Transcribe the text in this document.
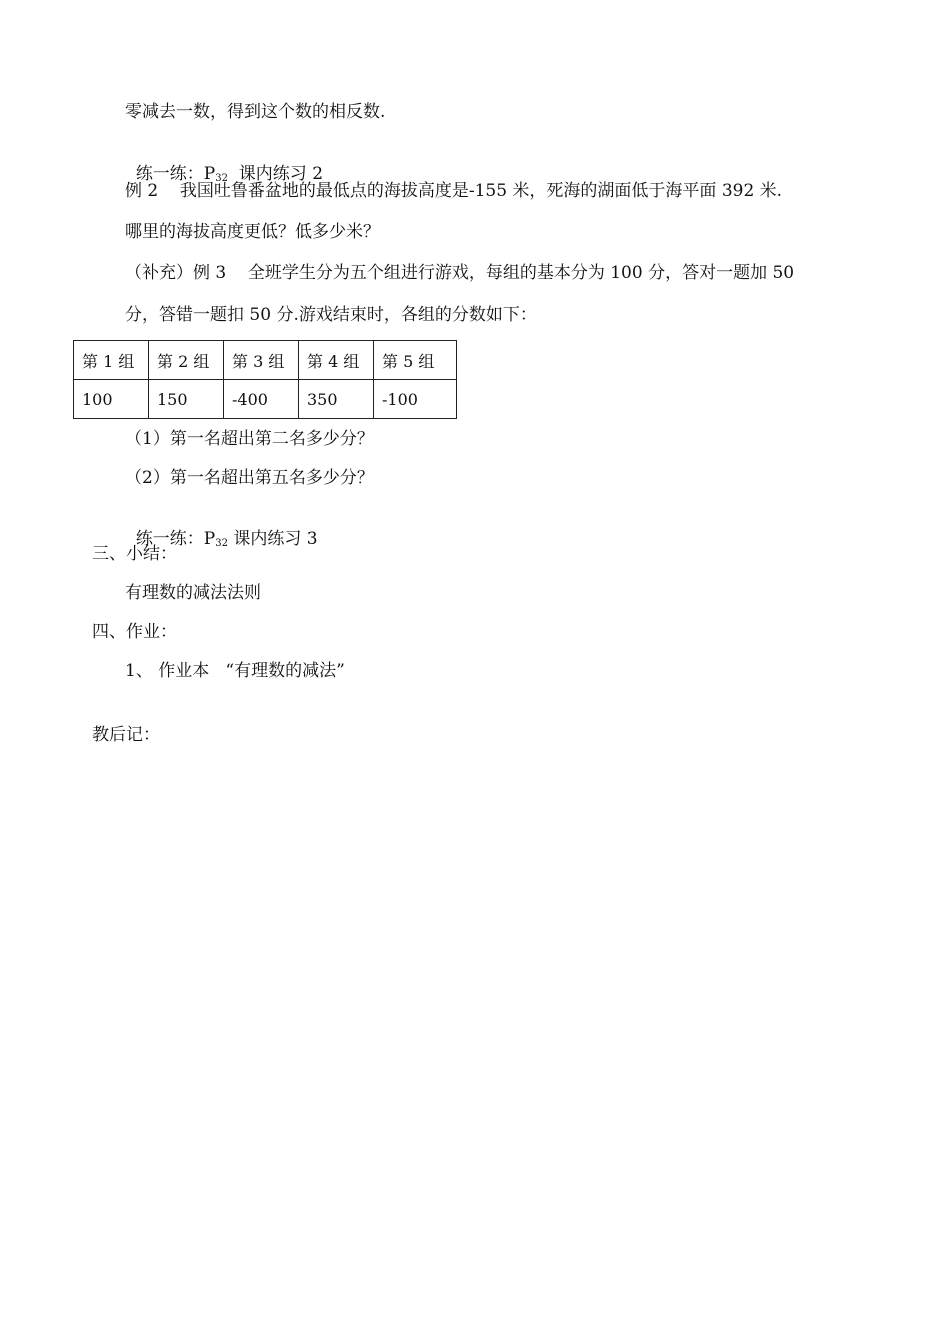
零减去一数，得到这个数的相反数.

练一练：$P_{32}$  课内练习 2

例 2    我国吐鲁番盆地的最低点的海拔高度是-155 米，死海的湖面低于海平面 392 米.
哪里的海拔高度更低？低多少米？
（补充）例 3    全班学生分为五个组进行游戏，每组的基本分为 100 分，答对一题加 50
分，答错一题扣 50 分.游戏结束时，各组的分数如下：
第 1 组	第 2 组	第 3 组	第 4 组	第 5 组
100	150	-400	350	-100
（1）第一名超出第二名多少分？
（2）第一名超出第五名多少分？

练一练：$P_{32}$ 课内练习 3

三、小结：
有理数的减法法则
四、作业：
1、 作业本   “有理数的减法”
教后记：
